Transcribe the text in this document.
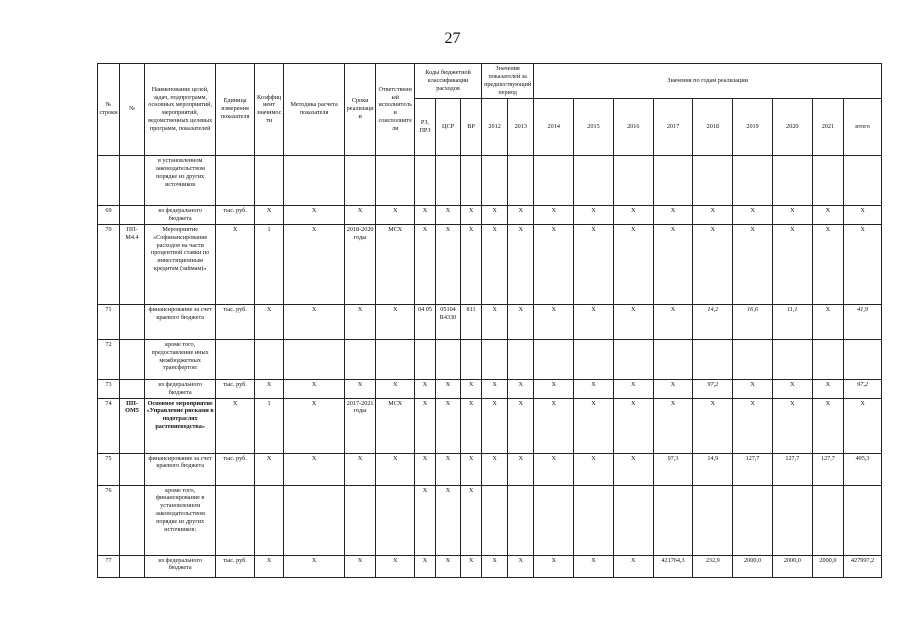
27
№ строки	№	Наименование целей, задач, подпрограмм, основных мероприятий, мероприятий, ведомственных целевых программ, показателей	Единица измерения показателя	Коэффициент значимости	Методика расчета показателя	Сроки реализации	Ответственный исполнитель и соисполнители	Коды бюджетной классификации расходов			Значения показателей за предшествующий период		Значения по годам реализации								
								РЗ, ПРЗ	ЦСР	ВР	2012	2013	2014	2015	2016	2017	2018	2019	2020	2021	итого
		в установленном законодательством порядке из других источников																			
69		из федерального бюджета	тыс. руб.	X	X	X	X	X	X	X	X	X	X	X	X	X	X	X	X	X	X
70	ПП-М4.4	Мероприятие «Софинансирование расходов на части процентной ставки по инвестиционным кредитам (займам)»	X	1	X	2018-2020 годы	МСХ	X	X	X	X	X	X	X	X	X	X	X	X	X	X
71		финансирование за счет краевого бюджета	тыс. руб.	X	X	X	X	04 05	05104 R4330	811	X	X	X	X	X	X	14,2	16,6	11,1	X	41,9
72		кроме того, предоставление иных межбюджетных трансфертов:																			
73		из федерального бюджета	тыс. руб.	X	X	X	X	X	X	X	X	X	X	X	X	X	97,2	X	X	X	97,2
74	ПП-ОМ5	Основное мероприятие «Управление рисками в подотраслях растениеводства»	X	1	X	2017-2021 годы	МСХ	X	X	X	X	X	X	X	X	X	X	X	X	X	X
75		финансирование за счет краевого бюджета	тыс. руб.	X	X	X	X	X	X	X	X	X	X	X	X	97,3	14,9	127,7	127,7	127,7	495,3
76		кроме того, финансирование в установленном законодательством порядке из других источников:						X	X	X											
77		из федерального бюджета	тыс. руб.	X	X	X	X	X	X	X	X	X	X	X	X	421764,3	232,9	2000,0	2000,0	2000,0	427997,2
